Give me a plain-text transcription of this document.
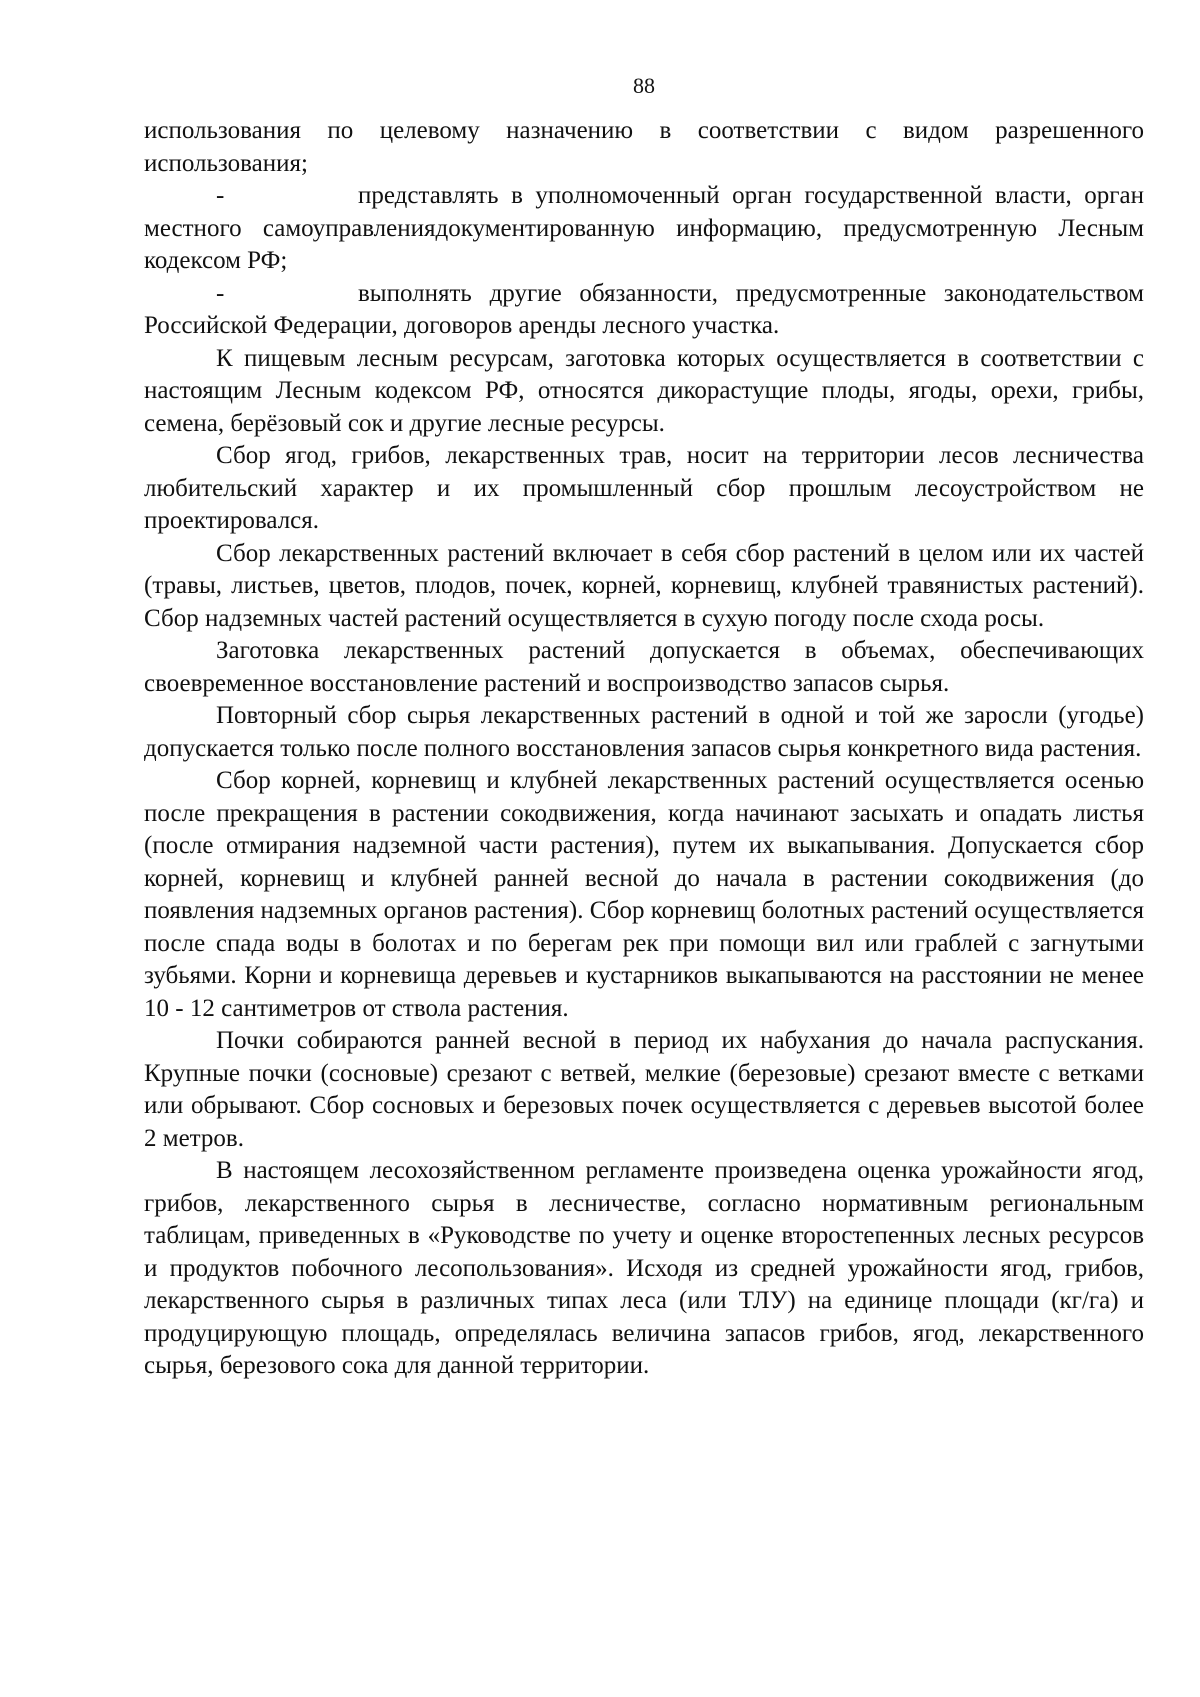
88

использования по целевому назначению в соответствии с видом разрешенного использования;

-	представлять в уполномоченный орган государственной власти, орган местного самоуправлениядокументированную информацию, предусмотренную Лесным кодексом РФ;

-	выполнять другие обязанности, предусмотренные законодательством Российской Федерации, договоров аренды лесного участка.

К пищевым лесным ресурсам, заготовка которых осуществляется в соответствии с настоящим Лесным кодексом РФ, относятся дикорастущие плоды, ягоды, орехи, грибы, семена, берёзовый сок и другие лесные ресурсы.

Сбор ягод, грибов, лекарственных трав, носит на территории лесов лесничества любительский характер и их промышленный сбор прошлым лесоустройством не проектировался.

Сбор лекарственных растений включает в себя сбор растений в целом или их частей (травы, листьев, цветов, плодов, почек, корней, корневищ, клубней травянистых растений). Сбор надземных частей растений осуществляется в сухую погоду после схода росы.

Заготовка лекарственных растений допускается в объемах, обеспечивающих своевременное восстановление растений и воспроизводство запасов сырья.

Повторный сбор сырья лекарственных растений в одной и той же заросли (угодье) допускается только после полного восстановления запасов сырья конкретного вида растения.

Сбор корней, корневищ и клубней лекарственных растений осуществляется осенью после прекращения в растении сокодвижения, когда начинают засыхать и опадать листья (после отмирания надземной части растения), путем их выкапывания. Допускается сбор корней, корневищ и клубней ранней весной до начала в растении сокодвижения (до появления надземных органов растения). Сбор корневищ болотных растений осуществляется после спада воды в болотах и по берегам рек при помощи вил или граблей с загнутыми зубьями. Корни и корневища деревьев и кустарников выкапываются на расстоянии не менее 10 - 12 сантиметров от ствола растения.

Почки собираются ранней весной в период их набухания до начала распускания. Крупные почки (сосновые) срезают с ветвей, мелкие (березовые) срезают вместе с ветками или обрывают. Сбор сосновых и березовых почек осуществляется с деревьев высотой более 2 метров.

В настоящем лесохозяйственном регламенте произведена оценка урожайности ягод, грибов, лекарственного сырья в лесничестве, согласно нормативным региональным таблицам, приведенных в «Руководстве по учету и оценке второстепенных лесных ресурсов и продуктов побочного лесопользования». Исходя из средней урожайности ягод, грибов, лекарственного сырья в различных типах леса (или ТЛУ) на единице площади (кг/га) и продуцирующую площадь, определялась величина запасов грибов, ягод, лекарственного сырья, березового сока для данной территории.
